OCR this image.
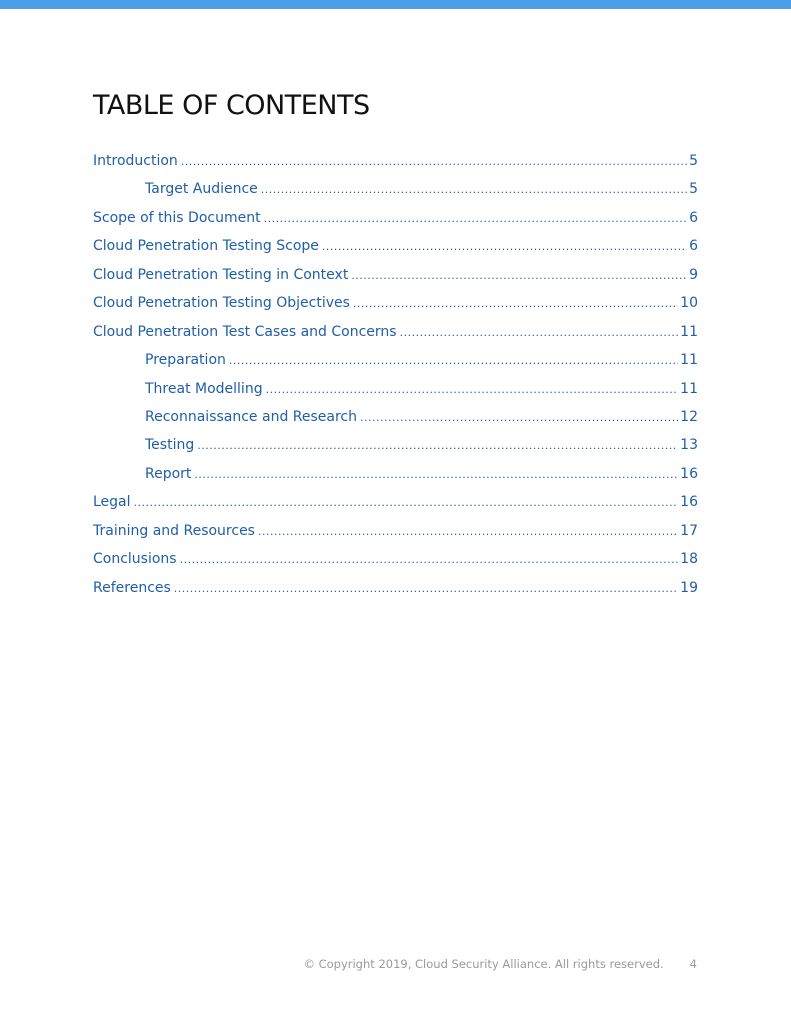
TABLE OF CONTENTS
Introduction .....	5
Target Audience .....	5
Scope of this Document .....	6
Cloud Penetration Testing Scope .....	6
Cloud Penetration Testing in Context .....	9
Cloud Penetration Testing Objectives .....	10
Cloud Penetration Test Cases and Concerns .....	11
Preparation .....	11
Threat Modelling .....	11
Reconnaissance and Research .....	12
Testing .....	13
Report .....	16
Legal .....	16
Training and Resources .....	17
Conclusions .....	18
References .....	19
© Copyright 2019, Cloud Security Alliance. All rights reserved. 4
